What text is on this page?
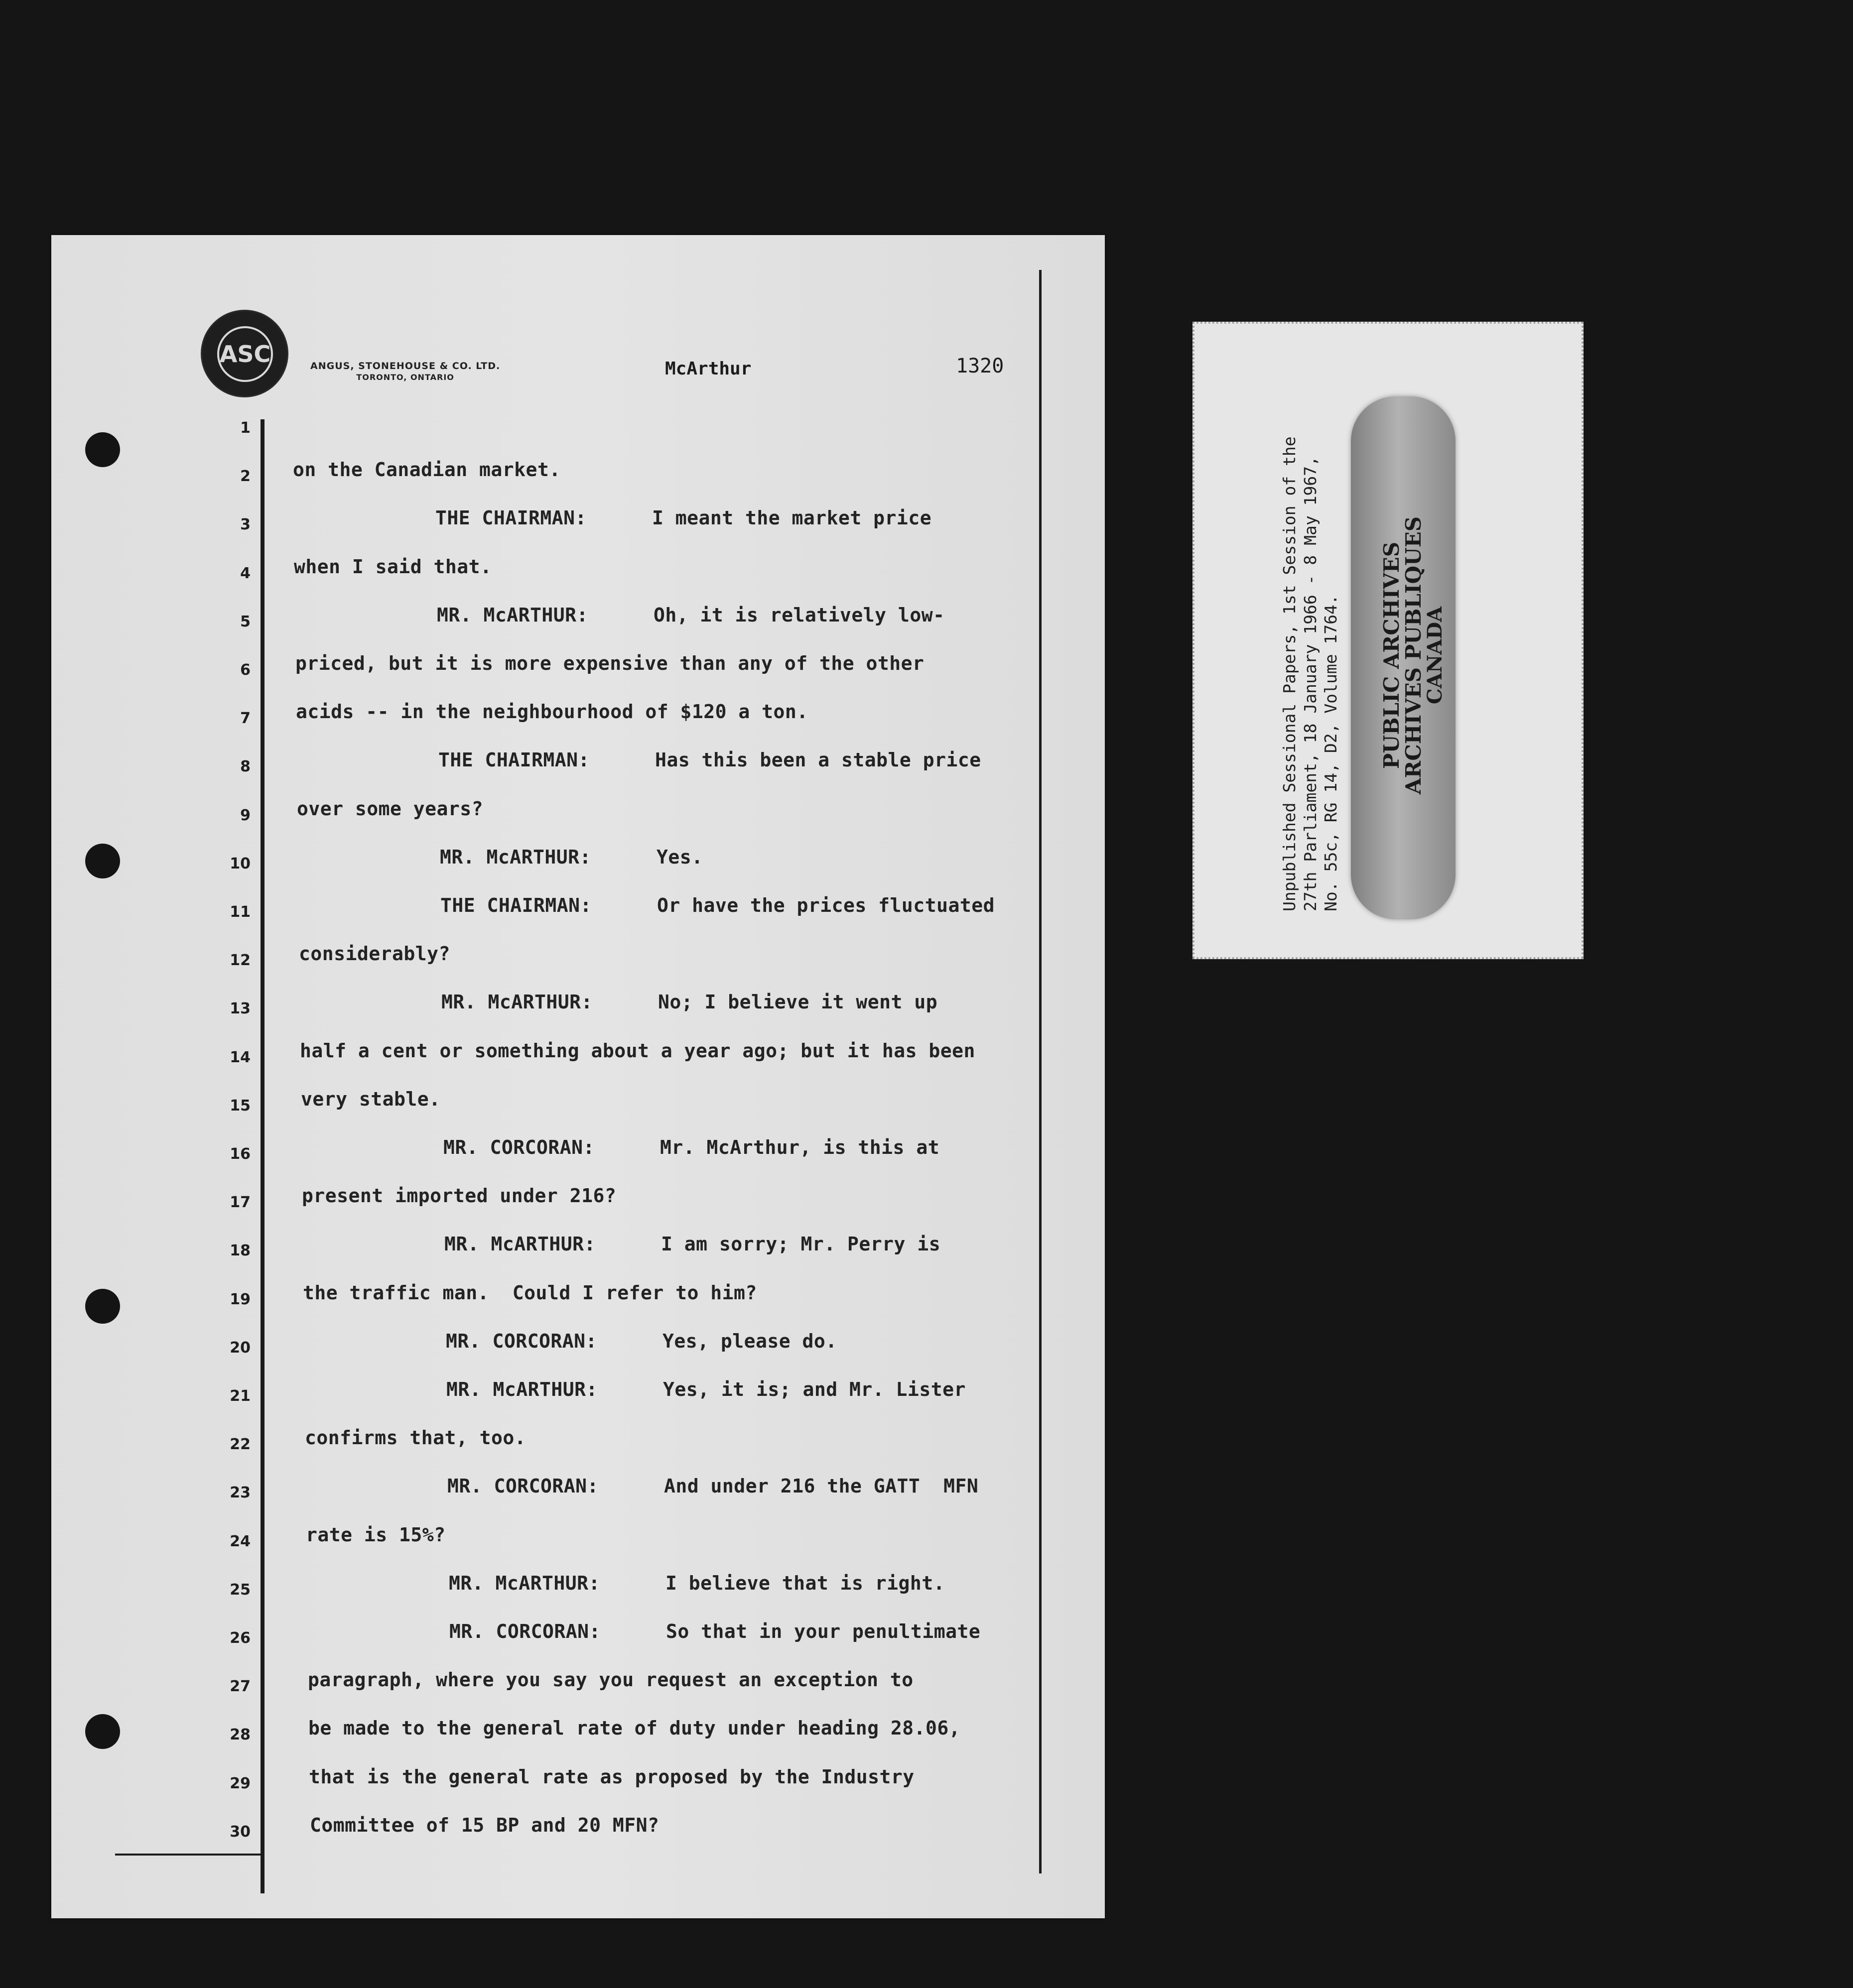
ASC	ANGUS, STONEHOUSE & CO. LTD.
TORONTO, ONTARIO	McArthur	1320
1
2
3
4
5
6
7
8
9
10
11
12
13
14
15
16
17
18
19
20
21
22
23
24
25
26
27
28
29
30
on the Canadian market.
THE CHAIRMAN:	I meant the market price
when I said that.
MR. McARTHUR:	Oh, it is relatively low-
priced, but it is more expensive than any of the other
acids -- in the neighbourhood of $120 a ton.
THE CHAIRMAN:	Has this been a stable price
over some years?
MR. McARTHUR:	Yes.
THE CHAIRMAN:	Or have the prices fluctuated
considerably?
MR. McARTHUR:	No; I believe it went up
half a cent or something about a year ago; but it has been
very stable.
MR. CORCORAN:	Mr. McArthur, is this at
present imported under 216?
MR. McARTHUR:	I am sorry; Mr. Perry is
the traffic man.  Could I refer to him?
MR. CORCORAN:	Yes, please do.
MR. McARTHUR:	Yes, it is; and Mr. Lister
confirms that, too.
MR. CORCORAN:	And under 216 the GATT  MFN
rate is 15%?
MR. McARTHUR:	I believe that is right.
MR. CORCORAN:	So that in your penultimate
paragraph, where you say you request an exception to
be made to the general rate of duty under heading 28.06,
that is the general rate as proposed by the Industry
Committee of 15 BP and 20 MFN?
Unpublished Sessional Papers, 1st Session of the
27th Parliament, 18 January 1966 - 8 May 1967,
No. 55c, RG 14, D2, Volume 1764. PUBLIC ARCHIVES
ARCHIVES PUBLIQUES
CANADA
